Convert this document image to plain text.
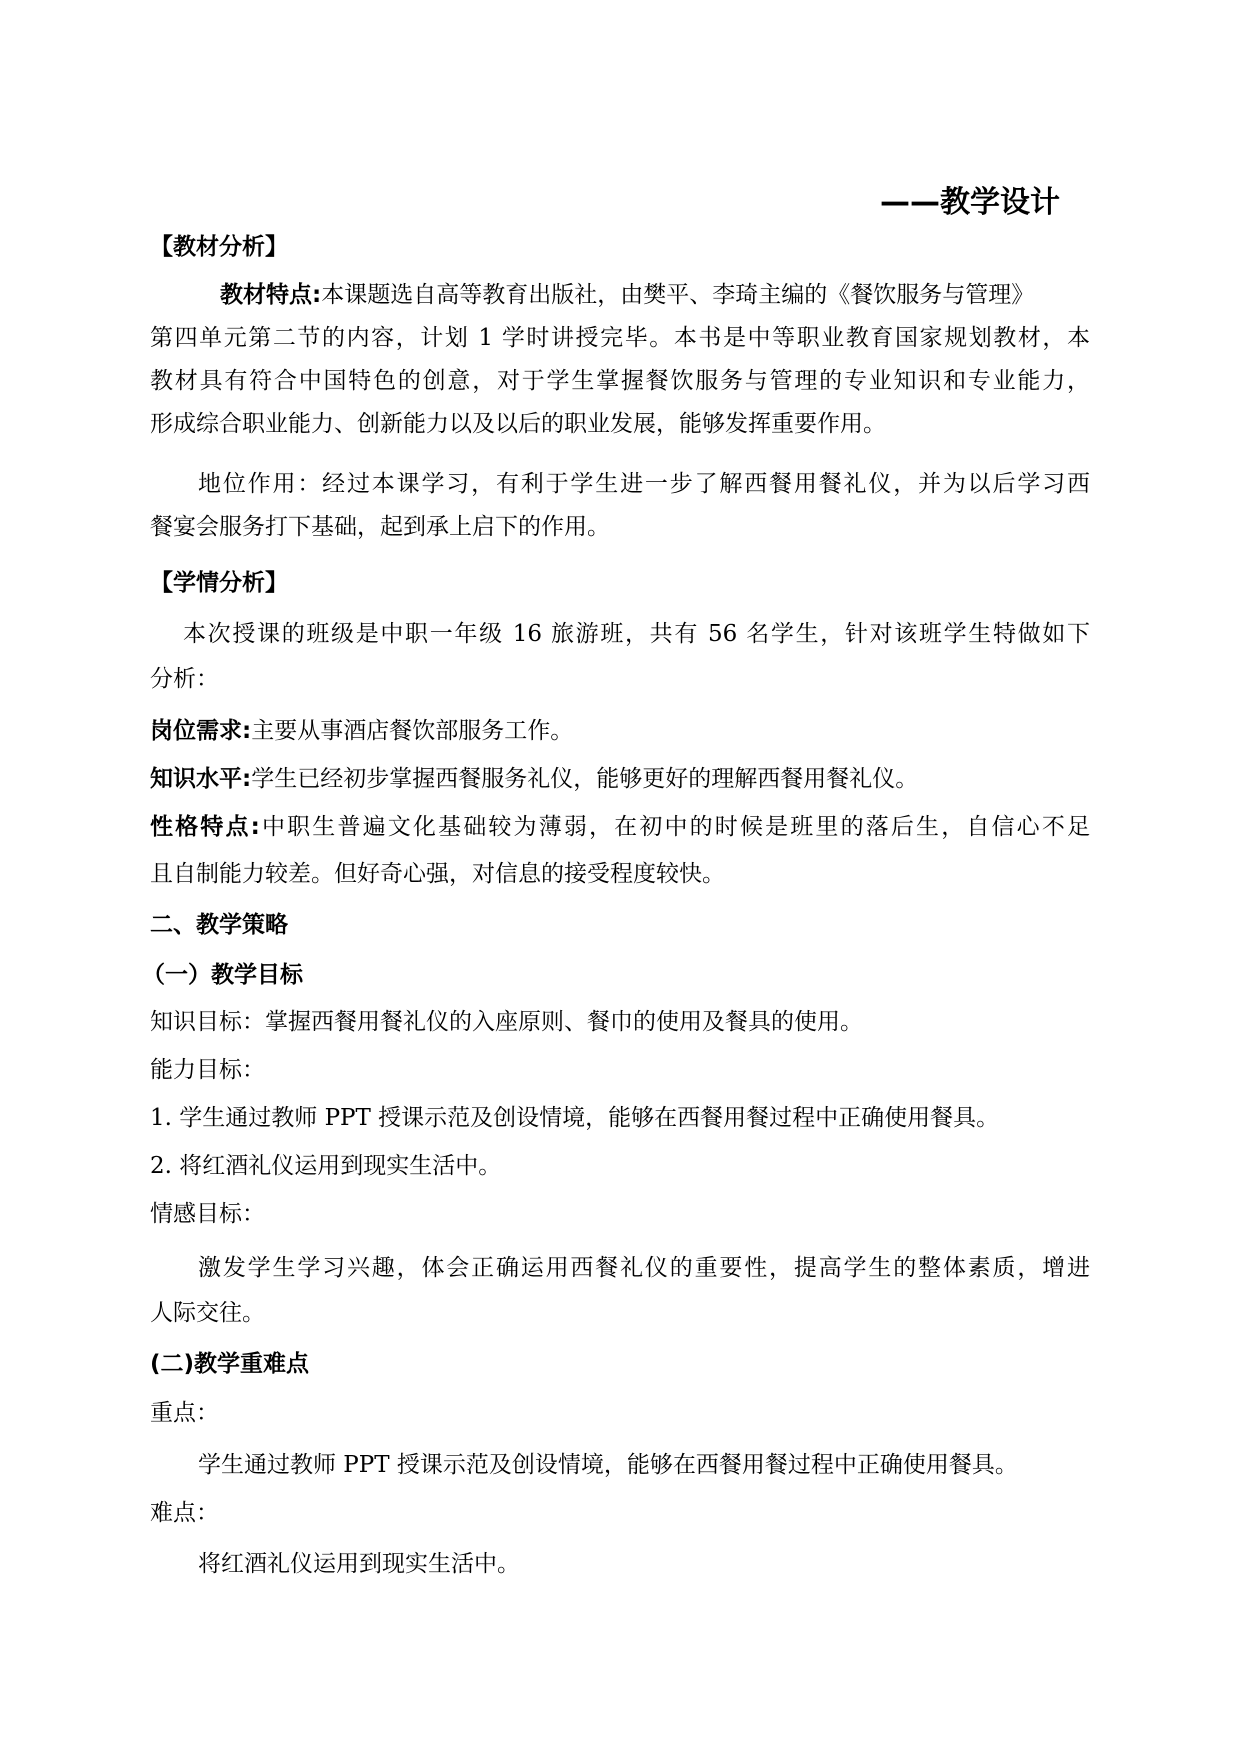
——教学设计
【教材分析】
教材特点:本课题选自高等教育出版社，由樊平、李琦主编的《餐饮服务与管理》
第四单元第二节的内容，计划 1 学时讲授完毕。本书是中等职业教育国家规划教材，本
教材具有符合中国特色的创意，对于学生掌握餐饮服务与管理的专业知识和专业能力，
形成综合职业能力、创新能力以及以后的职业发展，能够发挥重要作用。
地位作用：经过本课学习，有利于学生进一步了解西餐用餐礼仪，并为以后学习西
餐宴会服务打下基础，起到承上启下的作用。
【学情分析】
本次授课的班级是中职一年级 16 旅游班，共有 56 名学生，针对该班学生特做如下
分析：
岗位需求:主要从事酒店餐饮部服务工作。
知识水平:学生已经初步掌握西餐服务礼仪，能够更好的理解西餐用餐礼仪。
性格特点:中职生普遍文化基础较为薄弱，在初中的时候是班里的落后生，自信心不足
且自制能力较差。但好奇心强，对信息的接受程度较快。
二、教学策略
（一）教学目标
知识目标：掌握西餐用餐礼仪的入座原则、餐巾的使用及餐具的使用。
能力目标：
1. 学生通过教师 PPT 授课示范及创设情境，能够在西餐用餐过程中正确使用餐具。
2. 将红酒礼仪运用到现实生活中。
情感目标：
激发学生学习兴趣，体会正确运用西餐礼仪的重要性，提高学生的整体素质，增进
人际交往。
(二)教学重难点
重点：
学生通过教师 PPT 授课示范及创设情境，能够在西餐用餐过程中正确使用餐具。
难点：
将红酒礼仪运用到现实生活中。
